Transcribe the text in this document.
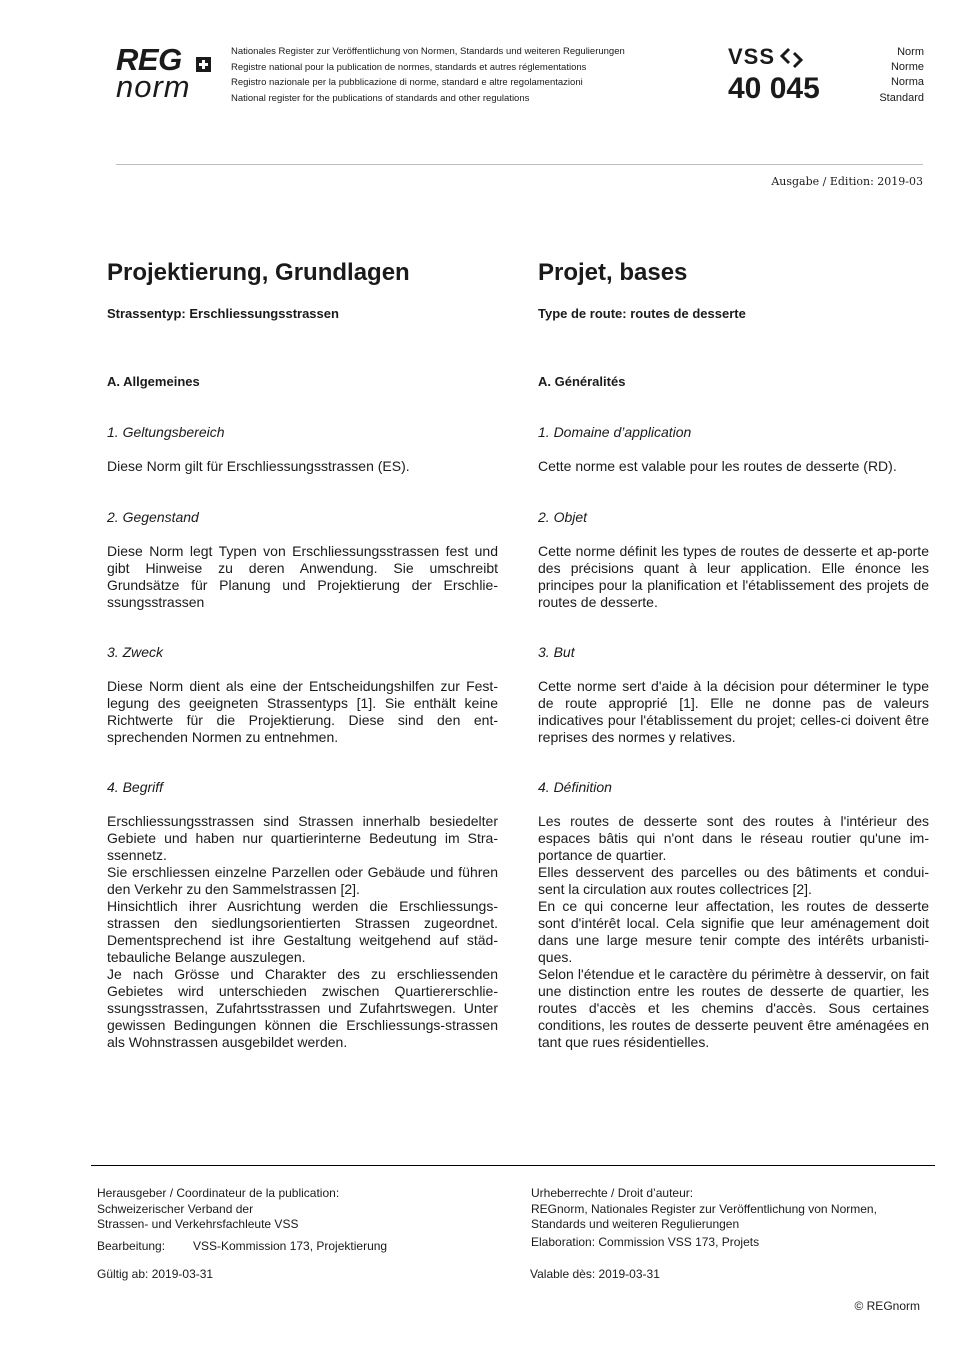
REG
norm
Nationales Register zur Veröffentlichung von Normen, Standards und weiteren Regulierungen
Registre national pour la publication de normes, standards et autres réglementations
Registro nazionale per la pubblicazione di norme, standard e altre regolamentazioni
National register for the publications of standards and other regulations
VSS
40 045
Norm
Norme
Norma
Standard
Ausgabe / Edition: 2019-03
Projektierung, Grundlagen
Strassentyp: Erschliessungsstrassen
A. Allgemeines
1. Geltungsbereich
Diese Norm gilt für Erschliessungsstrassen (ES).
2. Gegenstand
Diese Norm legt Typen von Erschliessungsstrassen fest und gibt Hinweise zu deren Anwendung. Sie umschreibt Grundsätze für Planung und Projektierung der Erschlie-ssungsstrassen
3. Zweck
Diese Norm dient als eine der Entscheidungshilfen zur Fest-legung des geeigneten Strassentyps [1]. Sie enthält keine Richtwerte für die Projektierung. Diese sind den ent-sprechenden Normen zu entnehmen.
4. Begriff

Erschliessungsstrassen sind Strassen innerhalb besiedelter Gebiete und haben nur quartierinterne Bedeutung im Stra-ssennetz.

Sie erschliessen einzelne Parzellen oder Gebäude und führen den Verkehr zu den Sammelstrassen [2].

Hinsichtlich ihrer Ausrichtung werden die Erschliessungs-strassen den siedlungsorientierten Strassen zugeordnet. Dementsprechend ist ihre Gestaltung weitgehend auf städ-tebauliche Belange auszulegen.

Je nach Grösse und Charakter des zu erschliessenden Gebietes wird unterschieden zwischen Quartiererschlie-ssungsstrassen, Zufahrtsstrassen und Zufahrtswegen. Unter gewissen Bedingungen können die Erschliessungs-strassen als Wohnstrassen ausgebildet werden.

Projet, bases
Type de route: routes de desserte
A. Généralités
1. Domaine d’application
Cette norme est valable pour les routes de desserte (RD).
2. Objet
Cette norme définit les types de routes de desserte et ap-porte des précisions quant à leur application. Elle énonce les principes pour la planification et l'établissement des projets de routes de desserte.
3. But
Cette norme sert d'aide à la décision pour déterminer le type de route approprié [1]. Elle ne donne pas de valeurs indicatives pour l'établissement du projet; celles-ci doivent être reprises des normes y relatives.
4. Définition

Les routes de desserte sont des routes à l'intérieur des espaces bâtis qui n'ont dans le réseau routier qu'une im-portance de quartier.

Elles desservent des parcelles ou des bâtiments et condui-sent la circulation aux routes collectrices [2].

En ce qui concerne leur affectation, les routes de desserte sont d'intérêt local. Cela signifie que leur aménagement doit dans une large mesure tenir compte des intérêts urbanisti-ques.

Selon l'étendue et le caractère du périmètre à desservir, on fait une distinction entre les routes de desserte de quartier, les routes d'accès et les chemins d'accès. Sous certaines conditions, les routes de desserte peuvent être aménagées en tant que rues résidentielles.

Herausgeber / Coordinateur de la publication:

Schweizerischer Verband der

Strassen- und Verkehrsfachleute VSS

Bearbeitung: VSS-Kommission 173, Projektierung
Gültig ab: 2019-03-31

Urheberrechte / Droit d’auteur:

REGnorm, Nationales Register zur Veröffentlichung von Normen,

Standards und weiteren Regulierungen

Elaboration: Commission VSS 173, Projets
Valable dès: 2019-03-31
© REGnorm
